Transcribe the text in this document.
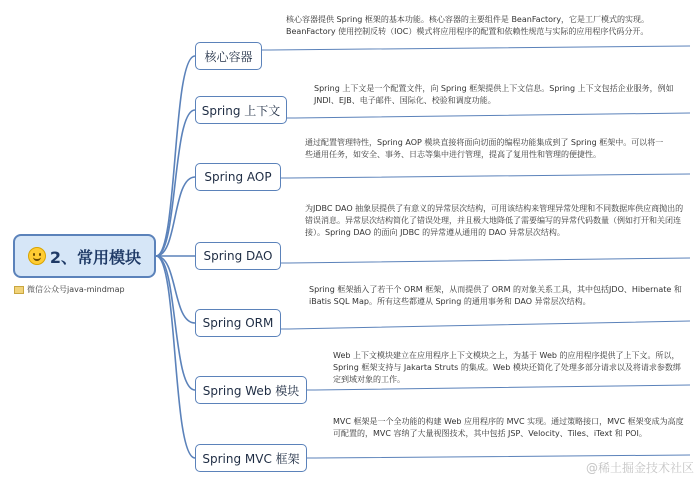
2、常用模块
微信公众号java-mindmap
核心容器

核心容器提供 Spring 框架的基本功能。核心容器的主要组件是 BeanFactory，它是工厂模式的实现。BeanFactory 使用控制反转（IOC）模式将应用程序的配置和依赖性规范与实际的应用程序代码分开。

Spring 上下文

Spring 上下文是一个配置文件，向 Spring 框架提供上下文信息。Spring 上下文包括企业服务，例如 JNDI、EJB、电子邮件、国际化、校验和调度功能。

Spring AOP

通过配置管理特性，Spring AOP 模块直接将面向切面的编程功能集成到了 Spring 框架中。可以将一些通用任务，如安全、事务、日志等集中进行管理，提高了复用性和管理的便捷性。

Spring DAO

为JDBC DAO 抽象层提供了有意义的异常层次结构，可用该结构来管理异常处理和不同数据库供应商抛出的错误消息。异常层次结构简化了错误处理，并且极大地降低了需要编写的异常代码数量（例如打开和关闭连接）。Spring DAO 的面向 JDBC 的异常遵从通用的 DAO 异常层次结构。

Spring ORM

Spring 框架插入了若干个 ORM 框架，从而提供了 ORM 的对象关系工具，其中包括JDO、Hibernate 和 iBatis SQL Map。所有这些都遵从 Spring 的通用事务和 DAO 异常层次结构。

Spring Web 模块

Web 上下文模块建立在应用程序上下文模块之上，为基于 Web 的应用程序提供了上下文。所以，Spring 框架支持与 Jakarta Struts 的集成。Web 模块还简化了处理多部分请求以及将请求参数绑定到域对象的工作。

Spring MVC 框架

MVC 框架是一个全功能的构建 Web 应用程序的 MVC 实现。通过策略接口，MVC 框架变成为高度可配置的，MVC 容纳了大量视图技术，其中包括 JSP、Velocity、Tiles、iText 和 POI。

@稀土掘金技术社区
